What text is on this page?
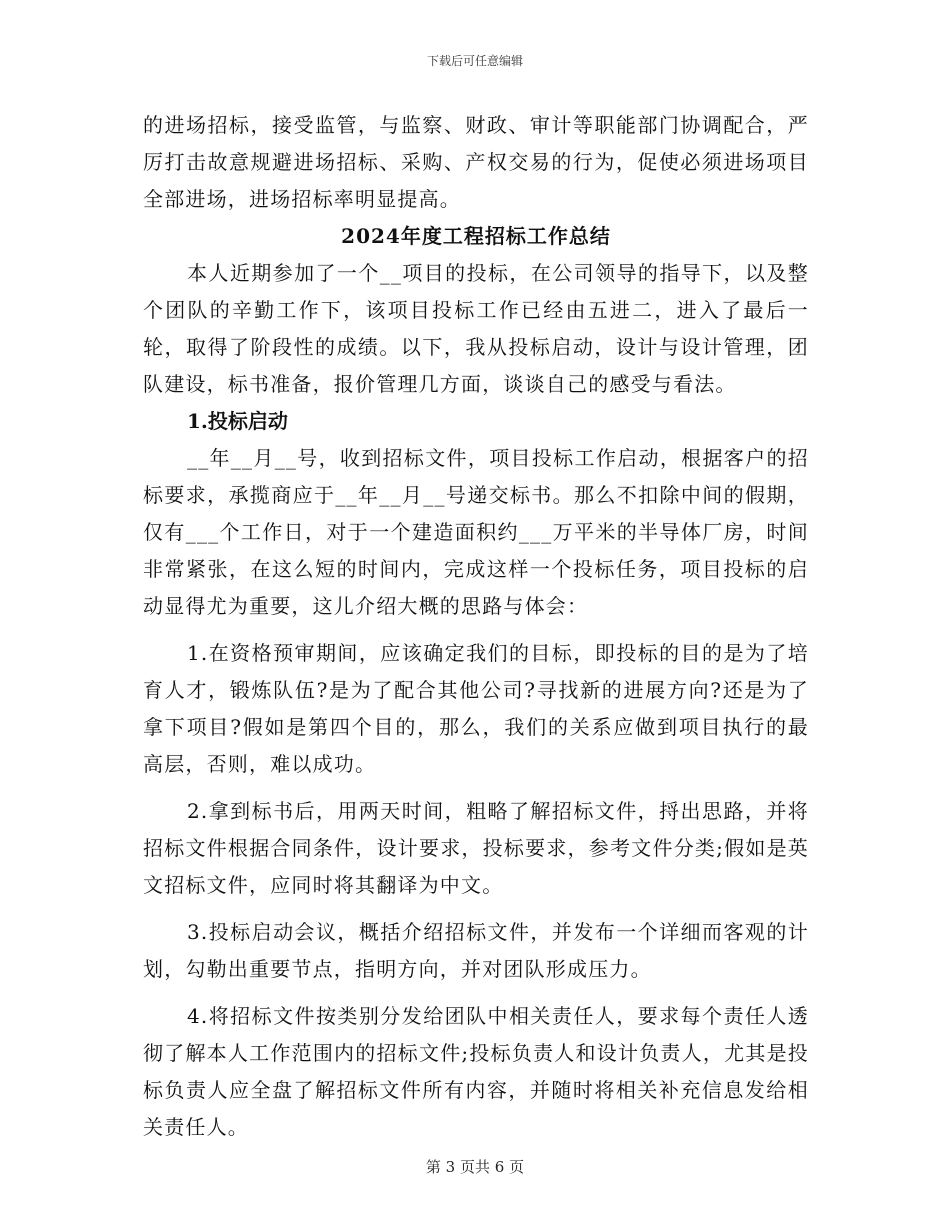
下载后可任意编辑

的进场招标，接受监管，与监察、财政、审计等职能部门协调配合，严厉打击故意规避进场招标、采购、产权交易的行为，促使必须进场项目全部进场，进场招标率明显提高。

2024年度工程招标工作总结

本人近期参加了一个__项目的投标，在公司领导的指导下，以及整个团队的辛勤工作下，该项目投标工作已经由五进二，进入了最后一轮，取得了阶段性的成绩。以下，我从投标启动，设计与设计管理，团队建设，标书准备，报价管理几方面，谈谈自己的感受与看法。

1.投标启动

__年__月__号，收到招标文件，项目投标工作启动，根据客户的招标要求，承揽商应于__年__月__号递交标书。那么不扣除中间的假期，仅有___个工作日，对于一个建造面积约___万平米的半导体厂房，时间非常紧张，在这么短的时间内，完成这样一个投标任务，项目投标的启动显得尤为重要，这儿介绍大概的思路与体会：

1.在资格预审期间，应该确定我们的目标，即投标的目的是为了培育人才，锻炼队伍?是为了配合其他公司?寻找新的进展方向?还是为了拿下项目?假如是第四个目的，那么，我们的关系应做到项目执行的最高层，否则，难以成功。

2.拿到标书后，用两天时间，粗略了解招标文件，捋出思路，并将招标文件根据合同条件，设计要求，投标要求，参考文件分类;假如是英文招标文件，应同时将其翻译为中文。

3.投标启动会议，概括介绍招标文件，并发布一个详细而客观的计划，勾勒出重要节点，指明方向，并对团队形成压力。

4.将招标文件按类别分发给团队中相关责任人，要求每个责任人透彻了解本人工作范围内的招标文件;投标负责人和设计负责人，尤其是投标负责人应全盘了解招标文件所有内容，并随时将相关补充信息发给相关责任人。

第 3 页共 6 页
